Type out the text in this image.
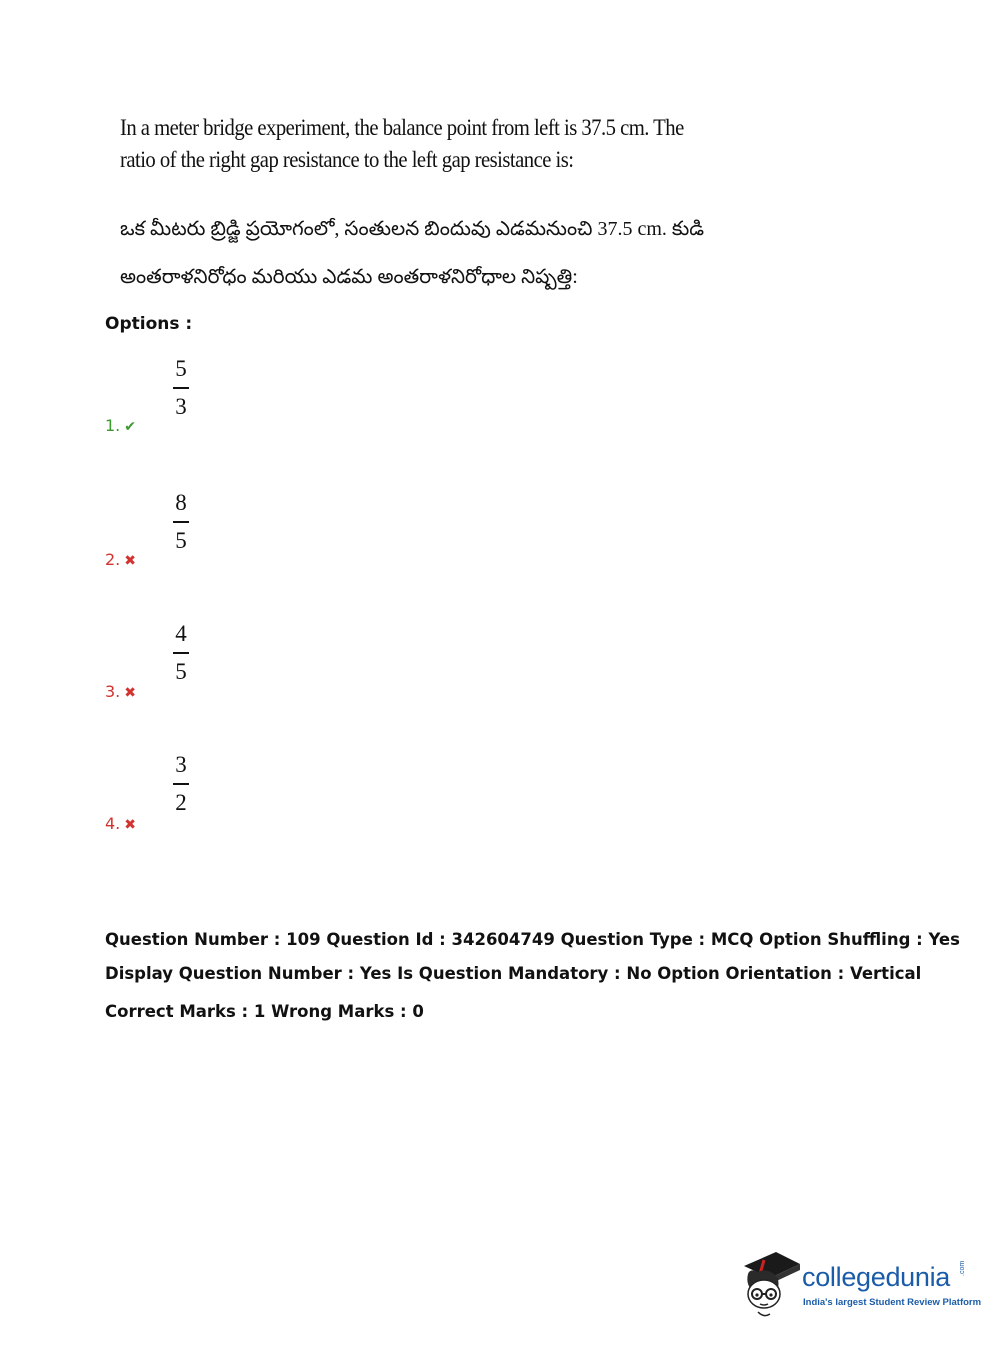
In a meter bridge experiment, the balance point from left is 37.5 cm. The ratio of the right gap resistance to the left gap resistance is:
ఒక మీటరు బ్రిడ్జి ప్రయోగంలో, సంతులన బిందువు ఎడమనుంచి 37.5 cm. కుడి అంతరాళనిరోధం మరియు ఎడమ అంతరాళనిరోధాల నిష్పత్తి:
Options :
5
3
1. ✔
8
5
2. ✖
4
5
3. ✖
3
2
4. ✖
Question Number : 109 Question Id : 342604749 Question Type : MCQ Option Shuffling : Yes
Display Question Number : Yes Is Question Mandatory : No Option Orientation : Vertical
Correct Marks : 1 Wrong Marks : 0
collegedunia .com
India's largest Student Review Platform
